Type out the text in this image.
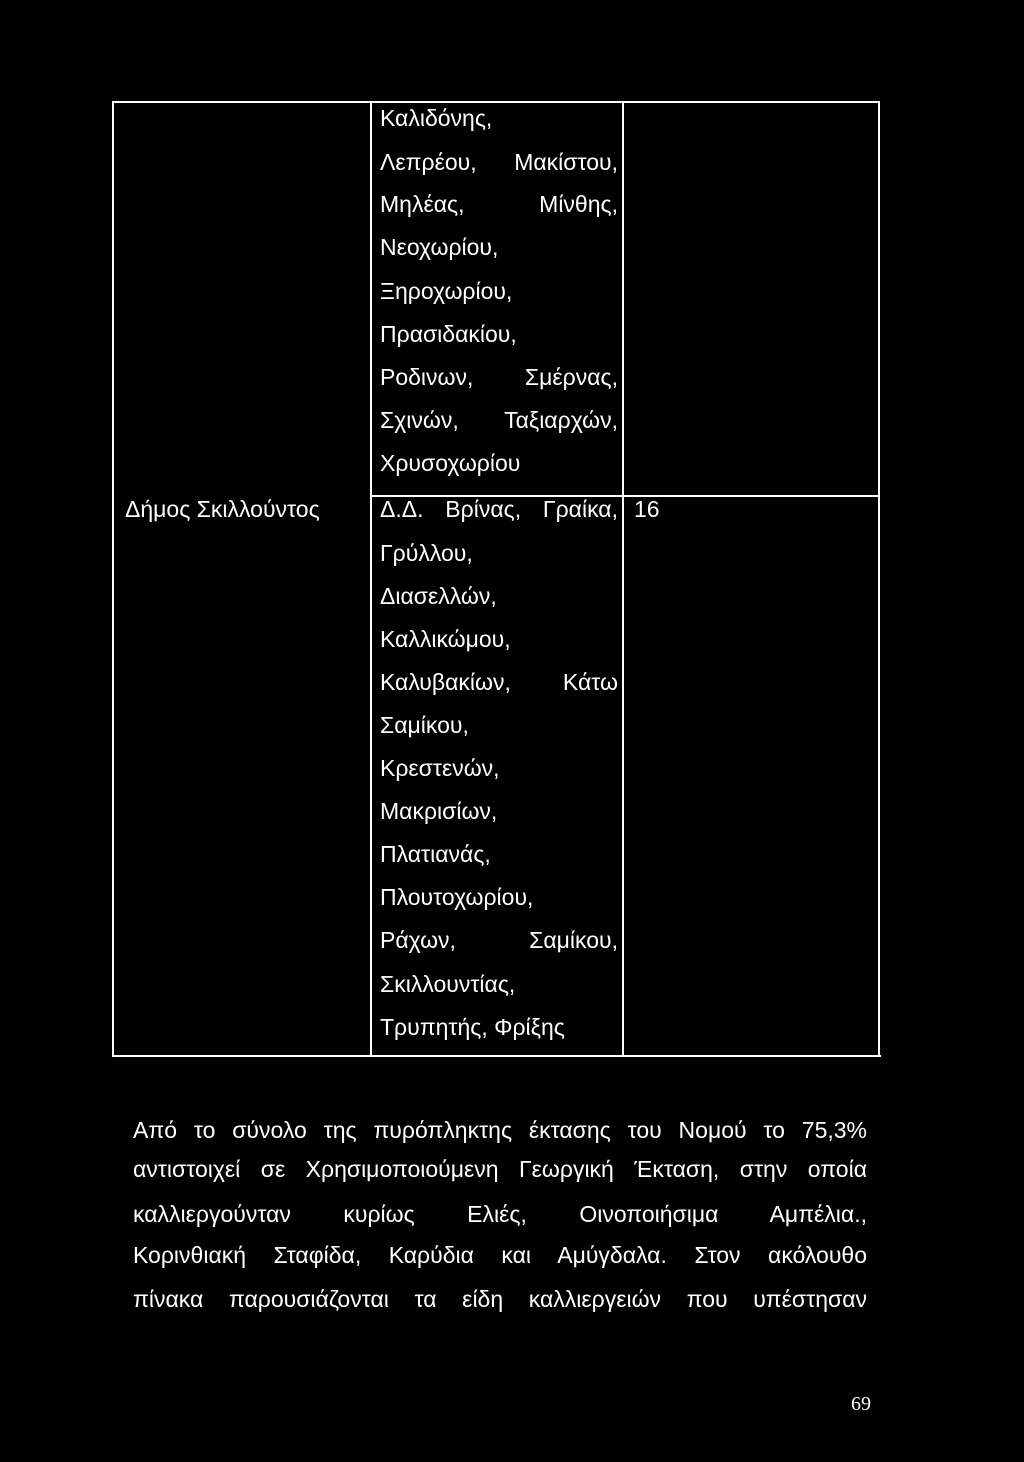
Καλιδόνης,
Λεπρέου, Μακίστου,
Μηλέας, Μίνθης,
Νεοχωρίου,
Ξηροχωρίου,
Πρασιδακίου,
Ροδινων, Σμέρνας,
Σχινών, Ταξιαρχών,
Χρυσοχωρίου
Δήμος Σκιλλούντος	16
Δ.Δ. Βρίνας, Γραίκα,
Γρύλλου,
Διασελλών,
Καλλικώμου,
Καλυβακίων, Κάτω
Σαμίκου,
Κρεστενών,
Μακρισίων,
Πλατιανάς,
Πλουτοχωρίου,
Ράχων, Σαμίκου,
Σκιλλουντίας,
Τρυπητής, Φρίξης
Από το σύνολο της πυρόπληκτης έκτασης του Νομού το 75,3%
αντιστοιχεί σε Χρησιμοποιούμενη Γεωργική Έκταση, στην οποία
καλλιεργούνταν κυρίως Ελιές, Οινοποιήσιμα Αμπέλια.,
Κορινθιακή Σταφίδα, Καρύδια και Αμύγδαλα. Στον ακόλουθο
πίνακα παρουσιάζονται τα είδη καλλιεργειών που υπέστησαν
69
